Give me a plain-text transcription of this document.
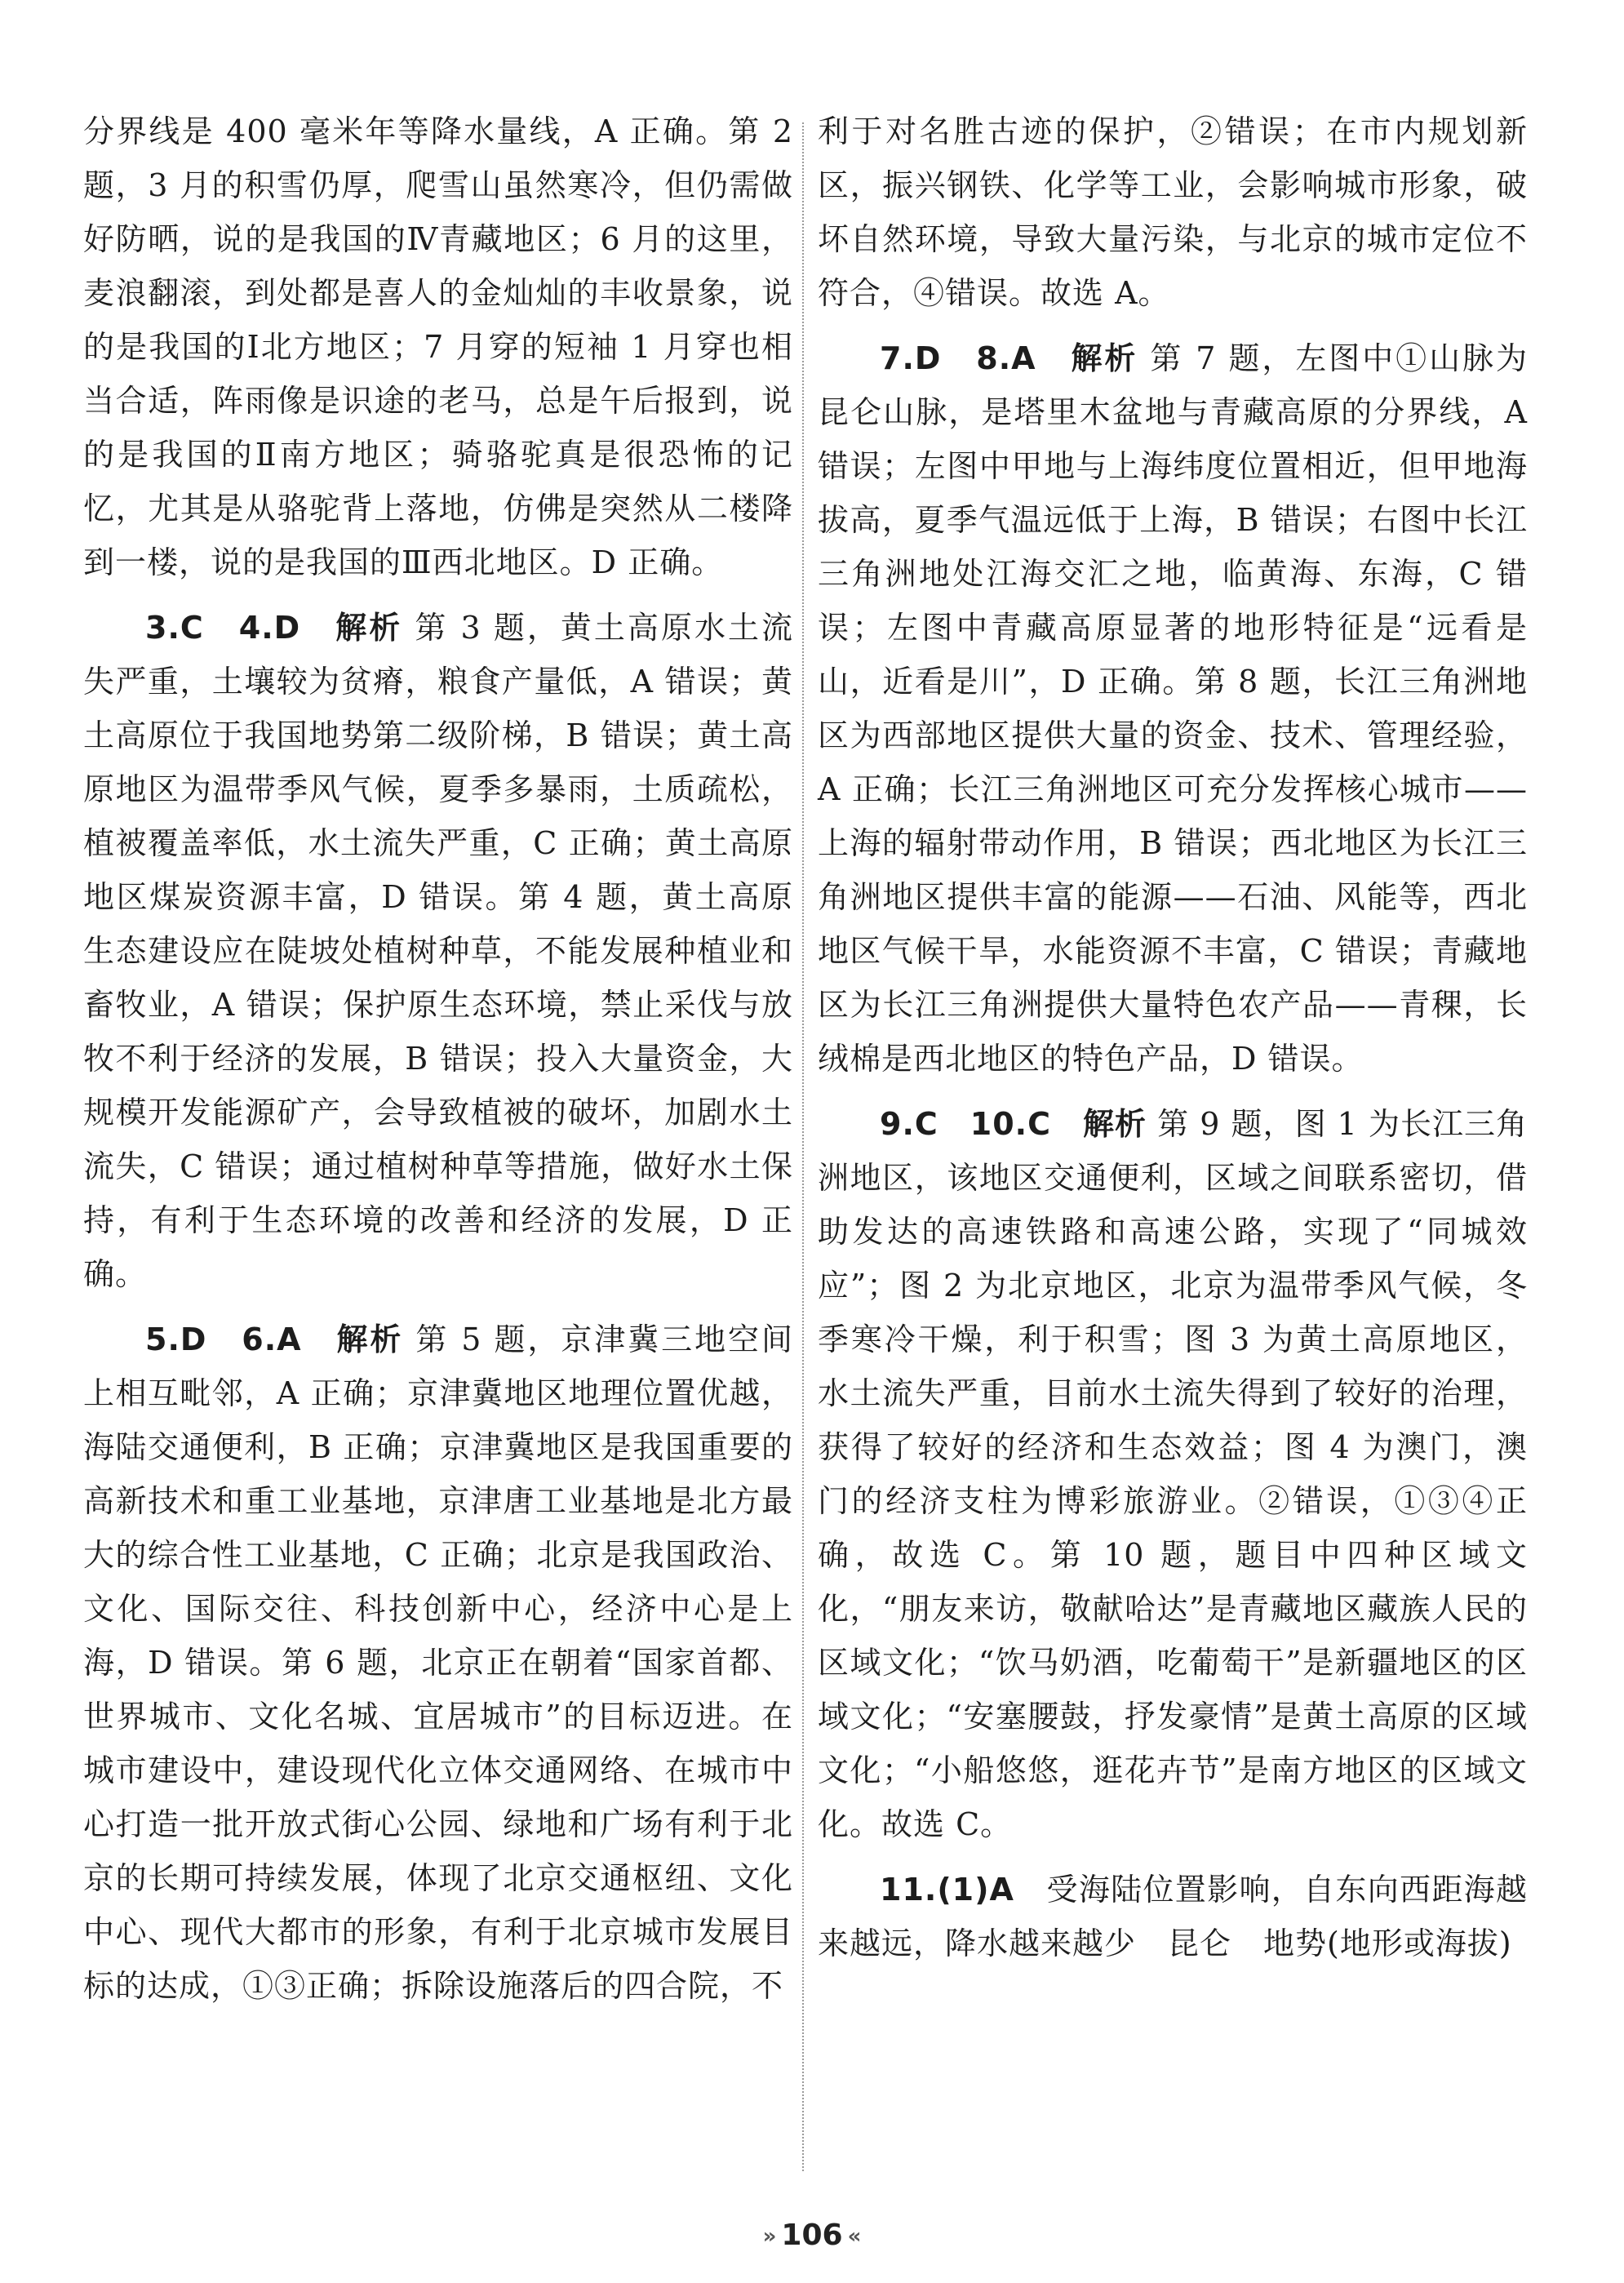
分界线是 400 毫米年等降水量线，A 正确。第 2 题，3 月的积雪仍厚，爬雪山虽然寒冷，但仍需做好防晒，说的是我国的Ⅳ青藏地区；6 月的这里，麦浪翻滚，到处都是喜人的金灿灿的丰收景象，说的是我国的Ⅰ北方地区；7 月穿的短袖 1 月穿也相当合适，阵雨像是识途的老马，总是午后报到，说的是我国的Ⅱ南方地区；骑骆驼真是很恐怖的记忆，尤其是从骆驼背上落地，仿佛是突然从二楼降到一楼，说的是我国的Ⅲ西北地区。D 正确。

3.C　4.D　解析 第 3 题，黄土高原水土流失严重，土壤较为贫瘠，粮食产量低，A 错误；黄土高原位于我国地势第二级阶梯，B 错误；黄土高原地区为温带季风气候，夏季多暴雨，土质疏松，植被覆盖率低，水土流失严重，C 正确；黄土高原地区煤炭资源丰富，D 错误。第 4 题，黄土高原生态建设应在陡坡处植树种草，不能发展种植业和畜牧业，A 错误；保护原生态环境，禁止采伐与放牧不利于经济的发展，B 错误；投入大量资金，大规模开发能源矿产，会导致植被的破坏，加剧水土流失，C 错误；通过植树种草等措施，做好水土保持，有利于生态环境的改善和经济的发展，D 正确。

5.D　6.A　解析 第 5 题，京津冀三地空间上相互毗邻，A 正确；京津冀地区地理位置优越，海陆交通便利，B 正确；京津冀地区是我国重要的高新技术和重工业基地，京津唐工业基地是北方最大的综合性工业基地，C 正确；北京是我国政治、文化、国际交往、科技创新中心，经济中心是上海，D 错误。第 6 题，北京正在朝着“国家首都、世界城市、文化名城、宜居城市”的目标迈进。在城市建设中，建设现代化立体交通网络、在城市中心打造一批开放式街心公园、绿地和广场有利于北京的长期可持续发展，体现了北京交通枢纽、文化中心、现代大都市的形象，有利于北京城市发展目标的达成，①③正确；拆除设施落后的四合院，不

利于对名胜古迹的保护，②错误；在市内规划新区，振兴钢铁、化学等工业，会影响城市形象，破坏自然环境，导致大量污染，与北京的城市定位不符合，④错误。故选 A。

7.D　8.A　解析 第 7 题，左图中①山脉为昆仑山脉，是塔里木盆地与青藏高原的分界线，A 错误；左图中甲地与上海纬度位置相近，但甲地海拔高，夏季气温远低于上海，B 错误；右图中长江三角洲地处江海交汇之地，临黄海、东海，C 错误；左图中青藏高原显著的地形特征是“远看是山，近看是川”，D 正确。第 8 题，长江三角洲地区为西部地区提供大量的资金、技术、管理经验，A 正确；长江三角洲地区可充分发挥核心城市——上海的辐射带动作用，B 错误；西北地区为长江三角洲地区提供丰富的能源——石油、风能等，西北地区气候干旱，水能资源不丰富，C 错误；青藏地区为长江三角洲提供大量特色农产品——青稞，长绒棉是西北地区的特色产品，D 错误。

9.C　10.C　解析 第 9 题，图 1 为长江三角洲地区，该地区交通便利，区域之间联系密切，借助发达的高速铁路和高速公路，实现了“同城效应”；图 2 为北京地区，北京为温带季风气候，冬季寒冷干燥，利于积雪；图 3 为黄土高原地区，水土流失严重，目前水土流失得到了较好的治理，获得了较好的经济和生态效益；图 4 为澳门，澳门的经济支柱为博彩旅游业。②错误，①③④正确，故选 C。第 10 题，题目中四种区域文化，“朋友来访，敬献哈达”是青藏地区藏族人民的区域文化；“饮马奶酒，吃葡萄干”是新疆地区的区域文化；“安塞腰鼓，抒发豪情”是黄土高原的区域文化；“小船悠悠，逛花卉节”是南方地区的区域文化。故选 C。

11.(1)A　受海陆位置影响，自东向西距海越来越远，降水越来越少　昆仑　地势(地形或海拔)

» 106 «
